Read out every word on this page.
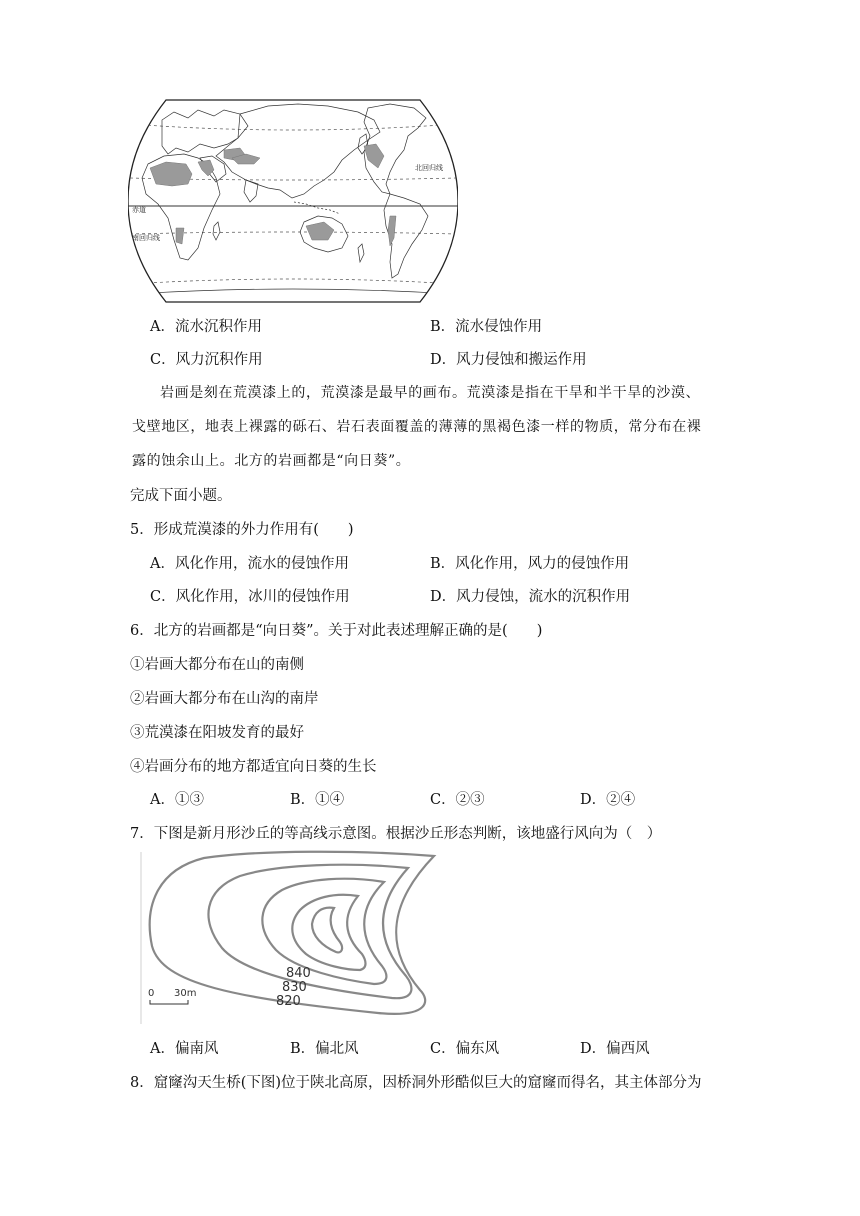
赤道
南回归线
北回归线
A．流水沉积作用	B．流水侵蚀作用
C．风力沉积作用	D．风力侵蚀和搬运作用
岩画是刻在荒漠漆上的，荒漠漆是最早的画布。荒漠漆是指在干旱和半干旱的沙漠、
戈壁地区，地表上裸露的砾石、岩石表面覆盖的薄薄的黑褐色漆一样的物质，常分布在裸
露的蚀余山上。北方的岩画都是“向日葵”。
完成下面小题。
5．形成荒漠漆的外力作用有(　　)
A．风化作用，流水的侵蚀作用	B．风化作用，风力的侵蚀作用
C．风化作用，冰川的侵蚀作用	D．风力侵蚀，流水的沉积作用
6．北方的岩画都是“向日葵”。关于对此表述理解正确的是(　　)
①岩画大都分布在山的南侧
②岩画大都分布在山沟的南岸
③荒漠漆在阳坡发育的最好
④岩画分布的地方都适宜向日葵的生长
A．①③	B．①④	C．②③	D．②④
7．下图是新月形沙丘的等高线示意图。根据沙丘形态判断，该地盛行风向为（　）
840
830
820
0 30m
A．偏南风	B．偏北风	C．偏东风	D．偏西风
8．窟窿沟天生桥(下图)位于陕北高原，因桥洞外形酷似巨大的窟窿而得名，其主体部分为
